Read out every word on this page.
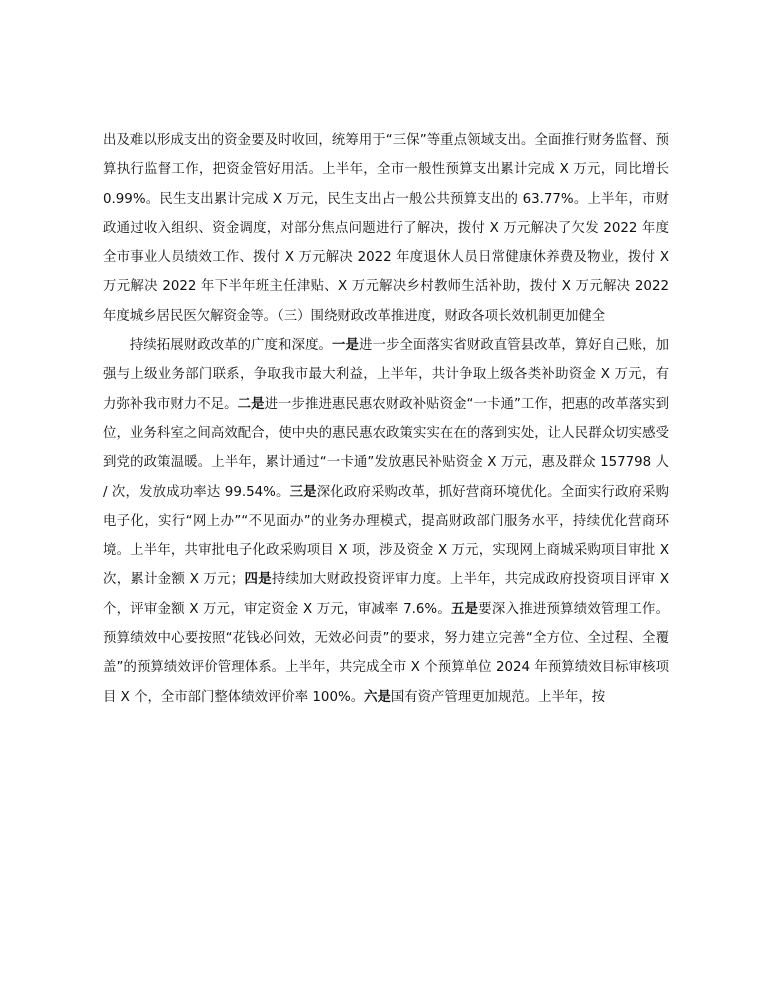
出及难以形成支出的资金要及时收回，统筹用于“三保”等重点领域支出。全面推行财务监督、预算执行监督工作，把资金管好用活。上半年，全市一般性预算支出累计完成 X 万元，同比增长 0.99%。民生支出累计完成 X 万元，民生支出占一般公共预算支出的 63.77%。上半年，市财政通过收入组织、资金调度，对部分焦点问题进行了解决，拨付 X 万元解决了欠发 2022 年度全市事业人员绩效工作、拨付 X 万元解决 2022 年度退休人员日常健康休养费及物业，拨付 X 万元解决 2022 年下半年班主任津贴、X 万元解决乡村教师生活补助，拨付 X 万元解决 2022 年度城乡居民医欠解资金等。（三）围绕财政改革推进度，财政各项长效机制更加健全

持续拓展财政改革的广度和深度。一是进一步全面落实省财政直管县改革，算好自己账，加强与上级业务部门联系，争取我市最大利益，上半年，共计争取上级各类补助资金 X 万元，有力弥补我市财力不足。二是进一步推进惠民惠农财政补贴资金“一卡通”工作，把惠的改革落实到位，业务科室之间高效配合，使中央的惠民惠农政策实实在在的落到实处，让人民群众切实感受到党的政策温暖。上半年，累计通过“一卡通”发放惠民补贴资金 X 万元，惠及群众 157798 人 / 次，发放成功率达 99.54%。三是深化政府采购改革，抓好营商环境优化。全面实行政府采购电子化，实行“网上办”“不见面办”的业务办理模式，提高财政部门服务水平，持续优化营商环境。上半年，共审批电子化政采购项目 X 项，涉及资金 X 万元，实现网上商城采购项目审批 X 次，累计金额 X 万元；四是持续加大财政投资评审力度。上半年，共完成政府投资项目评审 X 个，评审金额 X 万元，审定资金 X 万元，审减率 7.6%。五是要深入推进预算绩效管理工作。预算绩效中心要按照“花钱必问效，无效必问责”的要求，努力建立完善“全方位、全过程、全覆盖”的预算绩效评价管理体系。上半年，共完成全市 X 个预算单位 2024 年预算绩效目标审核项目 X 个，全市部门整体绩效评价率 100%。六是国有资产管理更加规范。上半年，按
